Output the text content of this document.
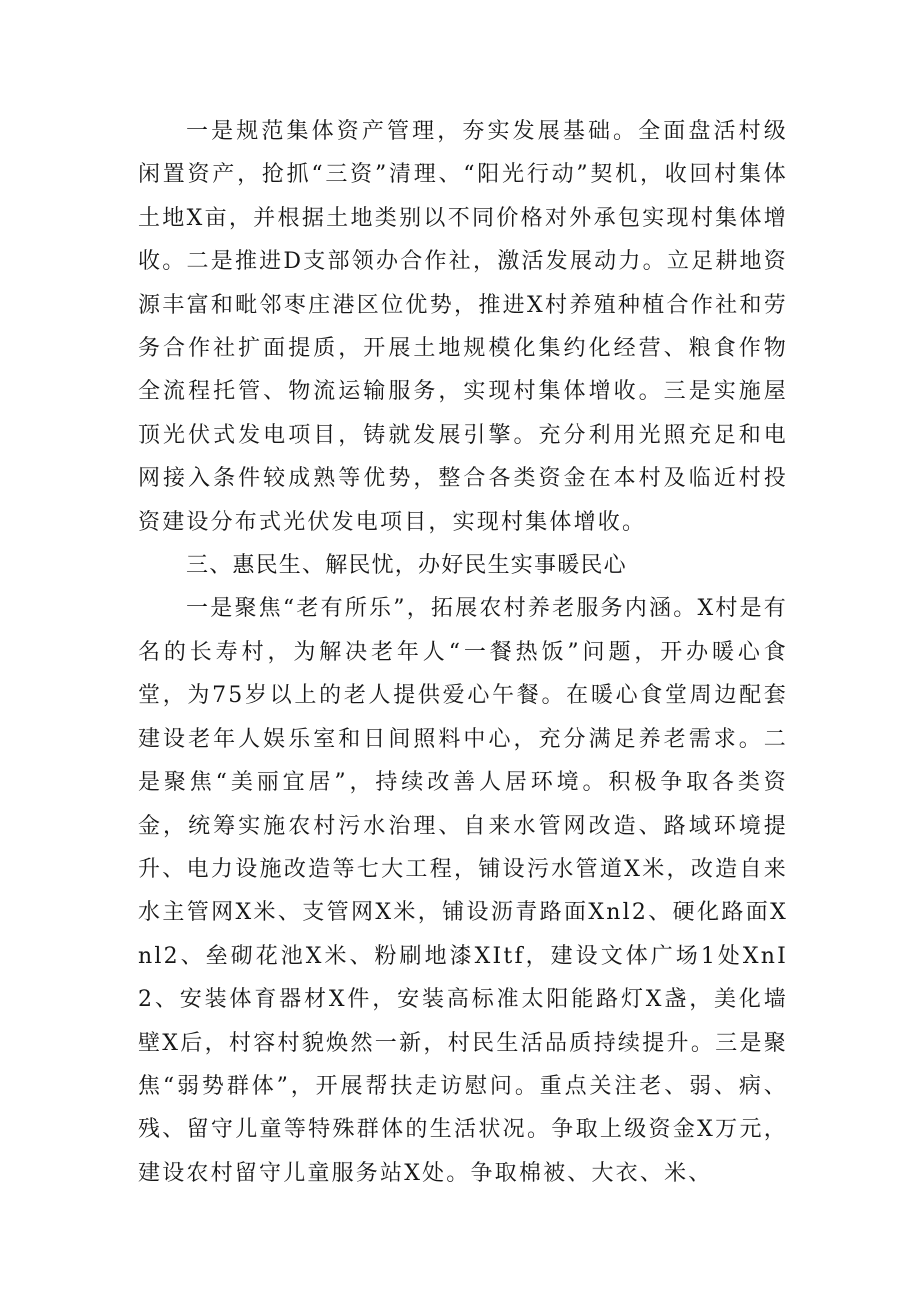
一是规范集体资产管理，夯实发展基础。全面盘活村级闲置资产，抢抓“三资”清理、“阳光行动”契机，收回村集体土地X亩，并根据土地类别以不同价格对外承包实现村集体增收。二是推进D支部领办合作社，激活发展动力。立足耕地资源丰富和毗邻枣庄港区位优势，推进X村养殖种植合作社和劳务合作社扩面提质，开展土地规模化集约化经营、粮食作物全流程托管、物流运输服务，实现村集体增收。三是实施屋顶光伏式发电项目，铸就发展引擎。充分利用光照充足和电网接入条件较成熟等优势，整合各类资金在本村及临近村投资建设分布式光伏发电项目，实现村集体增收。

三、惠民生、解民忧，办好民生实事暖民心

一是聚焦“老有所乐”，拓展农村养老服务内涵。X村是有名的长寿村，为解决老年人“一餐热饭”问题，开办暖心食堂，为75岁以上的老人提供爱心午餐。在暖心食堂周边配套建设老年人娱乐室和日间照料中心，充分满足养老需求。二是聚焦“美丽宜居”，持续改善人居环境。积极争取各类资金，统筹实施农村污水治理、自来水管网改造、路域环境提升、电力设施改造等七大工程，铺设污水管道X米，改造自来水主管网X米、支管网X米，铺设沥青路面Xnl2、硬化路面Xnl2、垒砌花池X米、粉刷地漆XItf，建设文体广场1处XnI2、安装体育器材X件，安装高标准太阳能路灯X盏，美化墙壁X后，村容村貌焕然一新，村民生活品质持续提升。三是聚焦“弱势群体”，开展帮扶走访慰问。重点关注老、弱、病、残、留守儿童等特殊群体的生活状况。争取上级资金X万元，建设农村留守儿童服务站X处。争取棉被、大衣、米、
